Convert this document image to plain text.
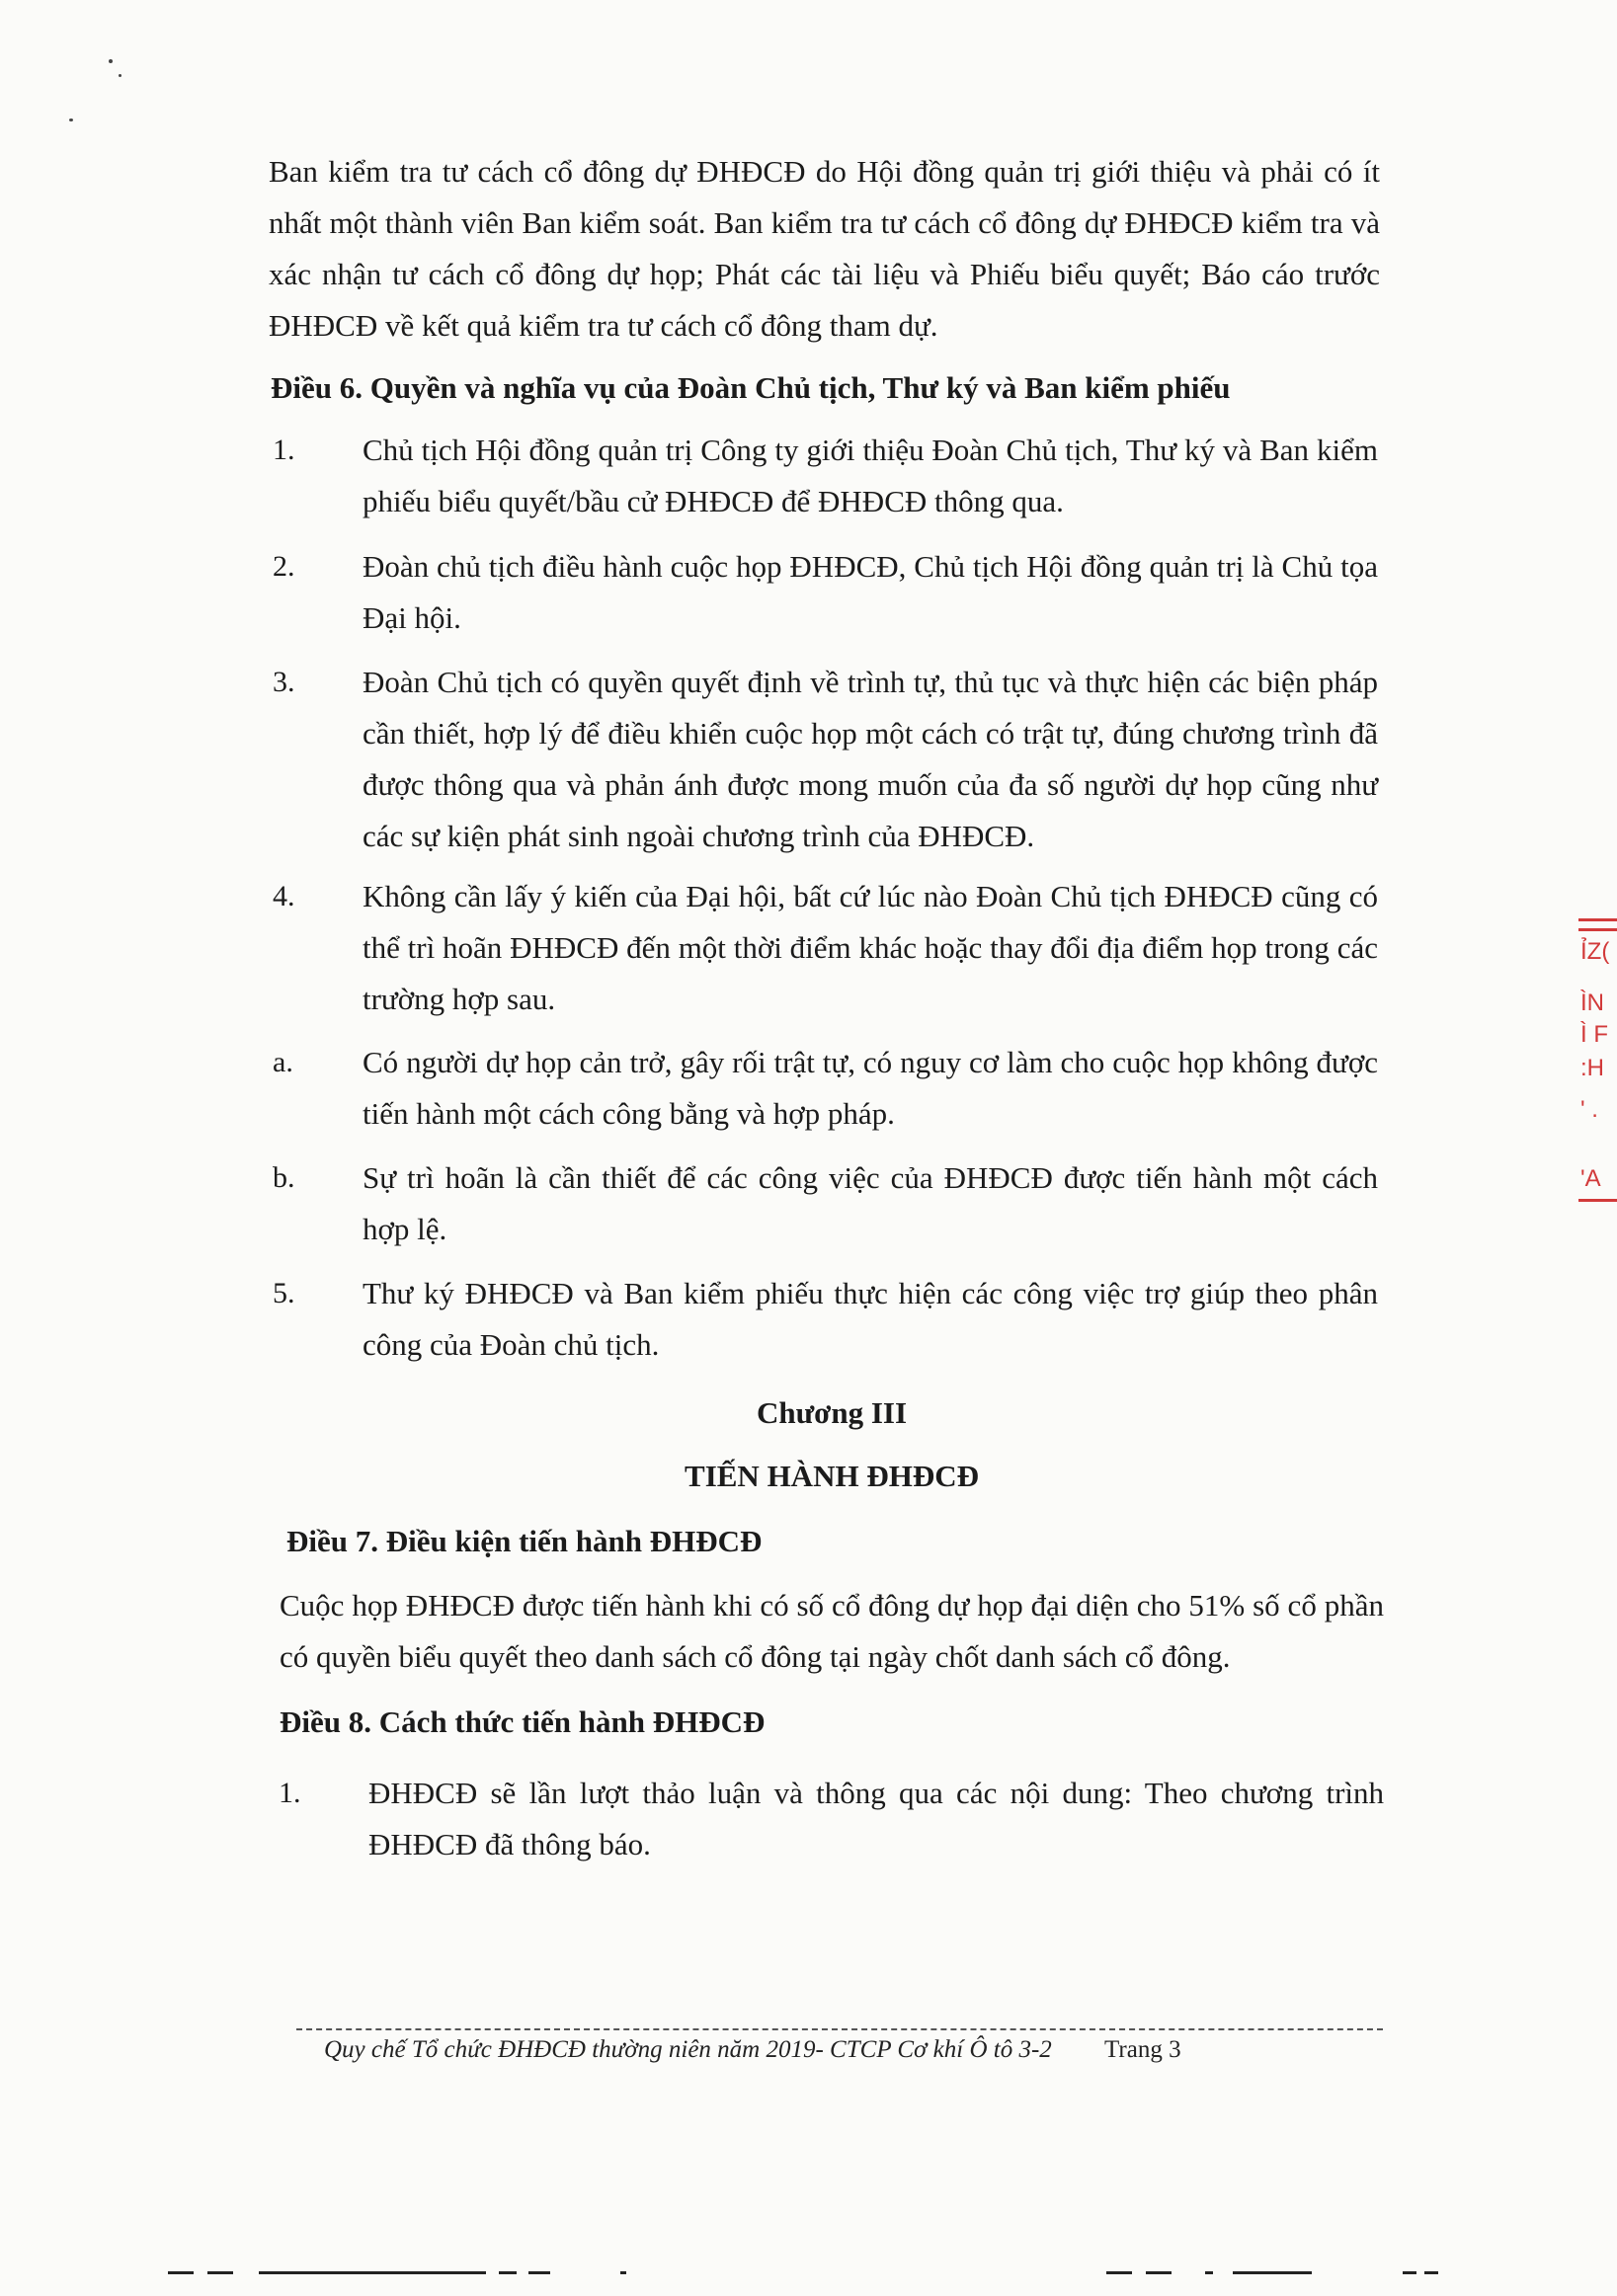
Ban kiểm tra tư cách cổ đông dự ĐHĐCĐ do Hội đồng quản trị giới thiệu và phải có ít nhất một thành viên Ban kiểm soát. Ban kiểm tra tư cách cổ đông dự ĐHĐCĐ kiểm tra và xác nhận tư cách cổ đông dự họp; Phát các tài liệu và Phiếu biểu quyết; Báo cáo trước ĐHĐCĐ về kết quả kiểm tra tư cách cổ đông tham dự.

Điều 6. Quyền và nghĩa vụ của Đoàn Chủ tịch, Thư ký và Ban kiểm phiếu
1. Chủ tịch Hội đồng quản trị Công ty giới thiệu Đoàn Chủ tịch, Thư ký và Ban kiểm phiếu biểu quyết/bầu cử ĐHĐCĐ để ĐHĐCĐ thông qua.

2. Đoàn chủ tịch điều hành cuộc họp ĐHĐCĐ, Chủ tịch Hội đồng quản trị là Chủ tọa Đại hội.

3. Đoàn Chủ tịch có quyền quyết định về trình tự, thủ tục và thực hiện các biện pháp cần thiết, hợp lý để điều khiển cuộc họp một cách có trật tự, đúng chương trình đã được thông qua và phản ánh được mong muốn của đa số người dự họp cũng như các sự kiện phát sinh ngoài chương trình của ĐHĐCĐ.

4. Không cần lấy ý kiến của Đại hội, bất cứ lúc nào Đoàn Chủ tịch ĐHĐCĐ cũng có thể trì hoãn ĐHĐCĐ đến một thời điểm khác hoặc thay đổi địa điểm họp trong các trường hợp sau.

a. Có người dự họp cản trở, gây rối trật tự, có nguy cơ làm cho cuộc họp không được tiến hành một cách công bằng và hợp pháp.

b. Sự trì hoãn là cần thiết để các công việc của ĐHĐCĐ được tiến hành một cách hợp lệ.

5. Thư ký ĐHĐCĐ và Ban kiểm phiếu thực hiện các công việc trợ giúp theo phân công của Đoàn chủ tịch.

Chương III
TIẾN HÀNH ĐHĐCĐ
Điều 7. Điều kiện tiến hành ĐHĐCĐ

Cuộc họp ĐHĐCĐ được tiến hành khi có số cổ đông dự họp đại diện cho 51% số cổ phần có quyền biểu quyết theo danh sách cổ đông tại ngày chốt danh sách cổ đông.

Điều 8. Cách thức tiến hành ĐHĐCĐ
1. ĐHĐCĐ sẽ lần lượt thảo luận và thông qua các nội dung: Theo chương trình ĐHĐCĐ đã thông báo.

Quy chế Tổ chức ĐHĐCĐ thường niên năm 2019- CTCP Cơ khí Ô tô 3-2 Trang 3
ỈZ(
ÌN
Ì F
:H
' .
'A
